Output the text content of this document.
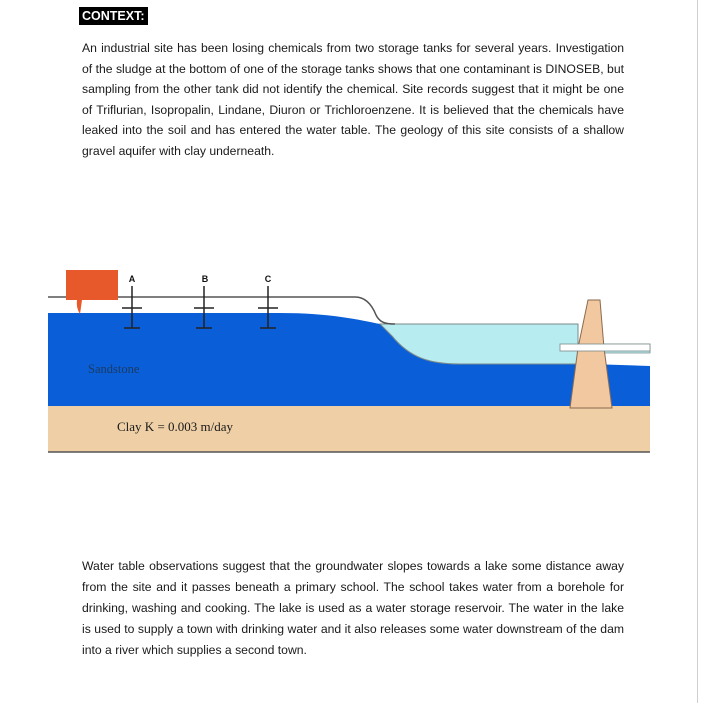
CONTEXT:

An industrial site has been losing chemicals from two storage tanks for several years. Investigation of the sludge at the bottom of one of the storage tanks shows that one contaminant is DINOSEB, but sampling from the other tank did not identify the chemical. Site records suggest that it might be one of Triflurian, Isopropalin, Lindane, Diuron or Trichloroenzene. It is believed that the chemicals have leaked into the soil and has entered the water table. The geology of this site consists of a shallow gravel aquifer with clay underneath.

A	B	C
Sandstone
Clay K = 0.003 m/day

Water table observations suggest that the groundwater slopes towards a lake some distance away from the site and it passes beneath a primary school. The school takes water from a borehole for drinking, washing and cooking. The lake is used as a water storage reservoir. The water in the lake is used to supply a town with drinking water and it also releases some water downstream of the dam into a river which supplies a second town.
